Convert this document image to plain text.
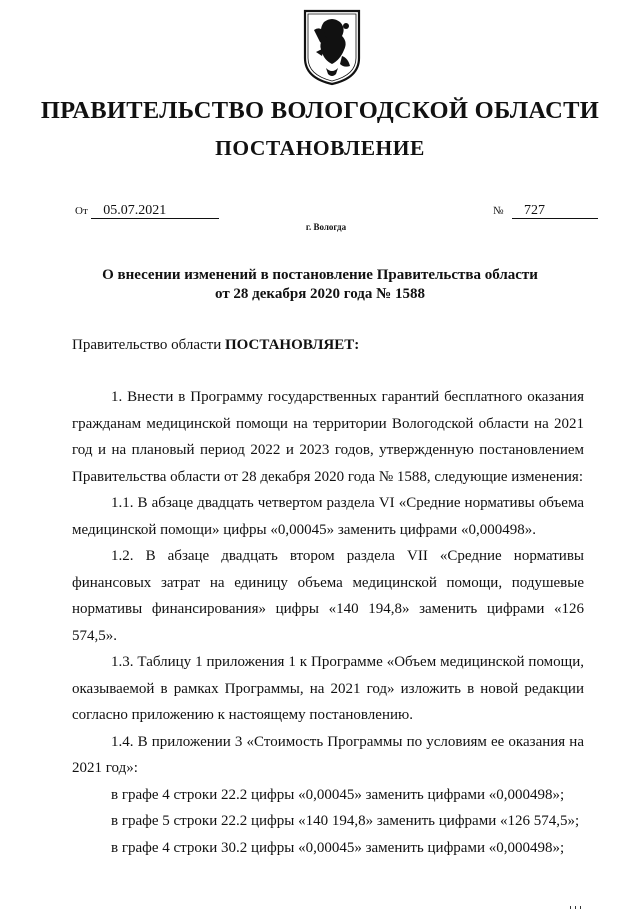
ПРАВИТЕЛЬСТВО ВОЛОГОДСКОЙ ОБЛАСТИ
ПОСТАНОВЛЕНИЕ
От 05.07.2021	№ 727
г. Вологда
О внесении изменений в постановление Правительства области
от 28 декабря 2020 года № 1588
Правительство области ПОСТАНОВЛЯЕТ:

1. Внести в Программу государственных гарантий бесплатного оказания гражданам медицинской помощи на территории Вологодской области на 2021 год и на плановый период 2022 и 2023 годов, утвержденную постановлением Правительства области от 28 декабря 2020 года № 1588, следующие изменения:

1.1. В абзаце двадцать четвертом раздела VI «Средние нормативы объема медицинской помощи» цифры «0,00045» заменить цифрами «0,000498».

1.2. В абзаце двадцать втором раздела VII «Средние нормативы финансовых затрат на единицу объема медицинской помощи, подушевые нормативы финансирования» цифры «140 194,8» заменить цифрами «126 574,5».

1.3. Таблицу 1 приложения 1 к Программе «Объем медицинской помощи, оказываемой в рамках Программы, на 2021 год» изложить в новой редакции согласно приложению к настоящему постановлению.

1.4. В приложении 3 «Стоимость Программы по условиям ее оказания на 2021 год»:

в графе 4 строки 22.2 цифры «0,00045» заменить цифрами «0,000498»;

в графе 5 строки 22.2 цифры «140 194,8» заменить цифрами «126 574,5»;

в графе 4 строки 30.2 цифры «0,00045» заменить цифрами «0,000498»;
